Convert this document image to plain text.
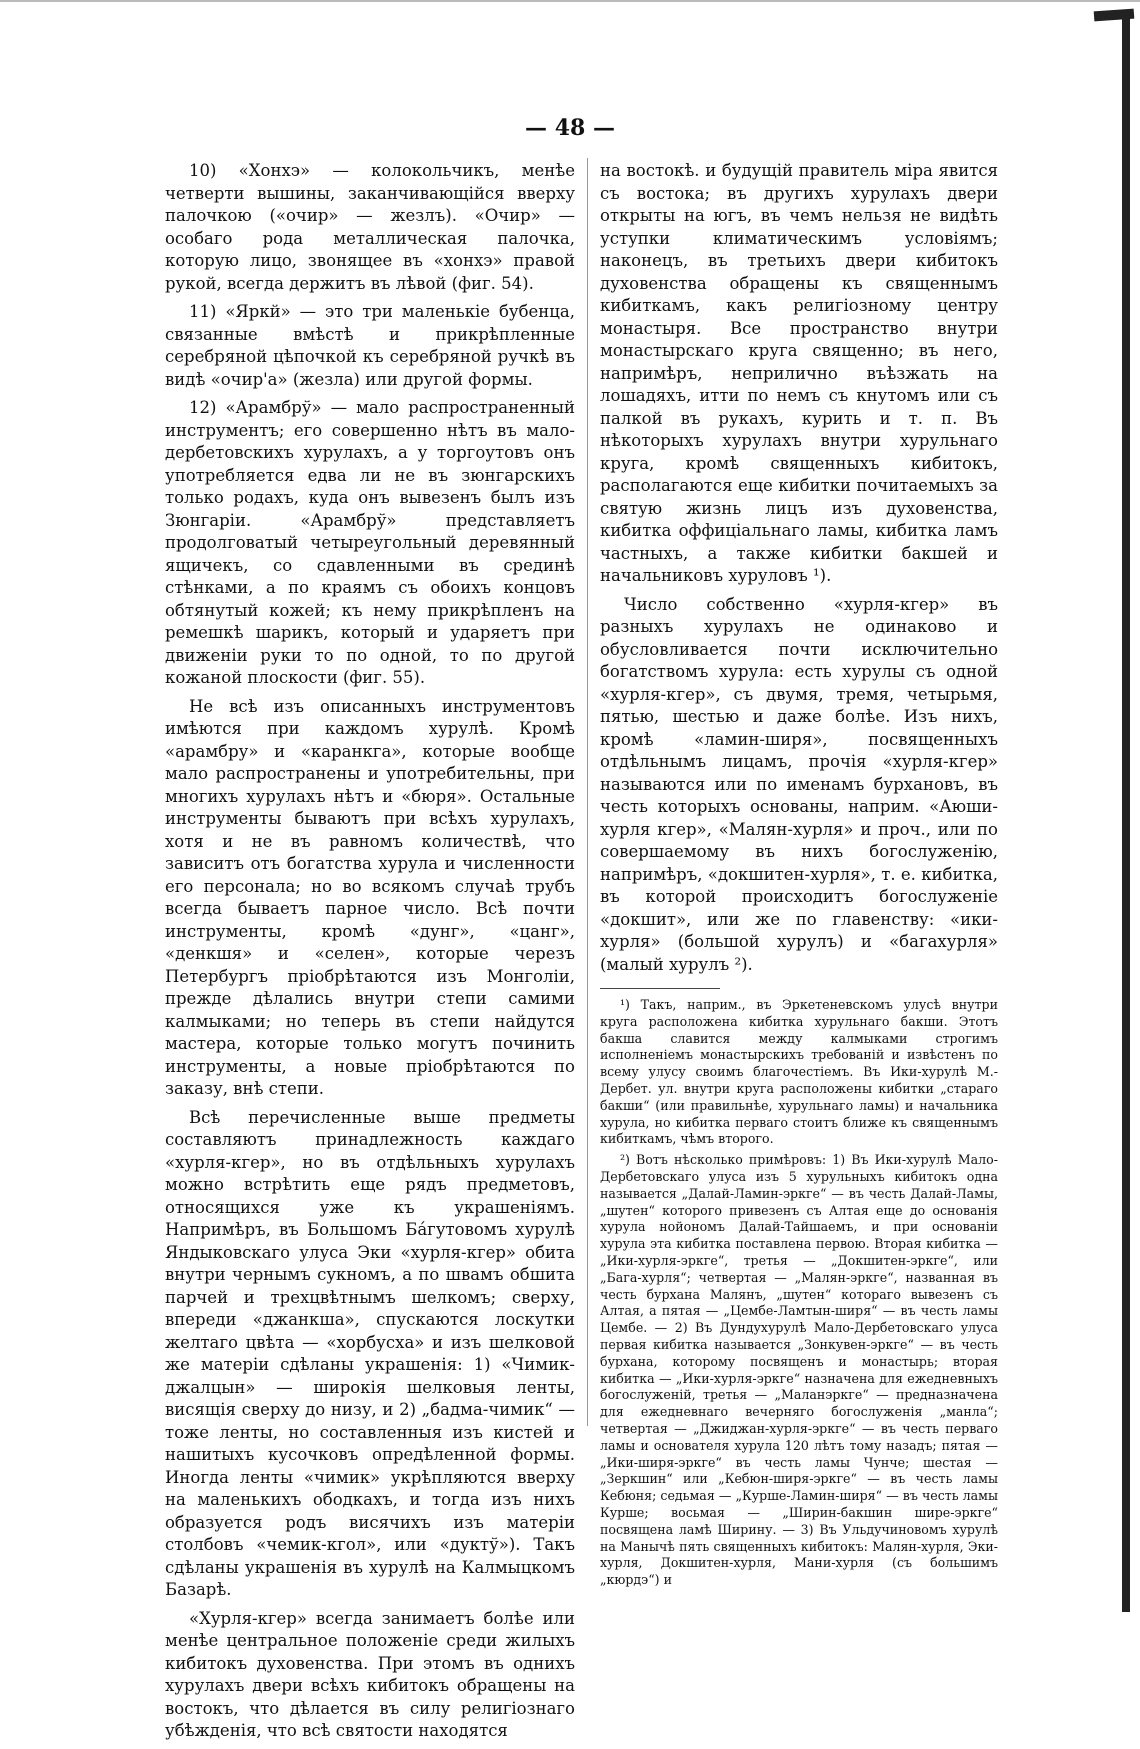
— 48 —

10) «Хонхэ» — колокольчикъ, менѣе четверти вышины, заканчивающійся вверху палочкою («очир» — жезлъ). «Очир» — особаго рода металлическая палочка, которую лицо, звонящее въ «хонхэ» правой рукой, всегда держитъ въ лѣвой (фиг. 54).

11) «Яркй» — это три маленькіе бубенца, связанные вмѣстѣ и прикрѣпленные серебряной цѣпочкой къ серебряной ручкѣ въ видѣ «очир'а» (жезла) или другой формы.

12) «Арамбрў» — мало распространенный инструментъ; его совершенно нѣтъ въ мало-дербетовскихъ хурулахъ, а у торгоутовъ онъ употребляется едва ли не въ зюнгарскихъ только родахъ, куда онъ вывезенъ былъ изъ Зюнгаріи. «Арамбрў» представляетъ продолговатый четыреугольный деревянный ящичекъ, со сдавленными въ срединѣ стѣнками, а по краямъ съ обоихъ концовъ обтянутый кожей; къ нему прикрѣпленъ на ремешкѣ шарикъ, который и ударяетъ при движеніи руки то по одной, то по другой кожаной плоскости (фиг. 55).

Не всѣ изъ описанныхъ инструментовъ имѣются при каждомъ хурулѣ. Кромѣ «арамбру» и «каранкга», которые вообще мало распространены и употребительны, при многихъ хурулахъ нѣтъ и «бюря». Остальные инструменты бываютъ при всѣхъ хурулахъ, хотя и не въ равномъ количествѣ, что зависитъ отъ богатства хурула и численности его персонала; но во всякомъ случаѣ трубъ всегда бываетъ парное число. Всѣ почти инструменты, кромѣ «дунг», «цанг», «денкшя» и «селен», которые черезъ Петербургъ пріобрѣтаются изъ Монголіи, прежде дѣлались внутри степи самими калмыками; но теперь въ степи найдутся мастера, которые только могутъ починить инструменты, а новые пріобрѣтаются по заказу, внѣ степи.

Всѣ перечисленные выше предметы составляютъ принадлежность каждаго «хурля-кгер», но въ отдѣльныхъ хурулахъ можно встрѣтить еще рядъ предметовъ, относящихся уже къ украшеніямъ. Напримѣръ, въ Большомъ Бáгутовомъ хурулѣ Яндыковскаго улуса Эки «хурля-кгер» обита внутри чернымъ сукномъ, а по швамъ обшита парчей и трехцвѣтнымъ шелкомъ; сверху, впереди «джанкша», спускаются лоскутки желтаго цвѣта — «хорбусха» и изъ шелковой же матеріи сдѣланы украшенія: 1) «Чимик-джалцын» — широкія шелковыя ленты, висящія сверху до низу, и 2) „бадма-чимик“ — тоже ленты, но составленныя изъ кистей и нашитыхъ кусочковъ опредѣленной формы. Иногда ленты «чимик» укрѣпляются вверху на маленькихъ ободкахъ, и тогда изъ нихъ образуется родъ висячихъ изъ матеріи столбовъ «чемик-кгол», или «дуктў»). Такъ сдѣланы украшенія въ хурулѣ на Калмыцкомъ Базарѣ.

«Хурля-кгер» всегда занимаетъ болѣе или менѣе центральное положеніе среди жилыхъ кибитокъ духовенства. При этомъ въ однихъ хурулахъ двери всѣхъ кибитокъ обращены на востокъ, что дѣлается въ силу религіознаго убѣжденія, что всѣ святости находятся

на востокѣ. и будущій правитель міра явится съ востока; въ другихъ хурулахъ двери открыты на югъ, въ чемъ нельзя не видѣть уступки климатическимъ условіямъ; наконецъ, въ третьихъ двери кибитокъ духовенства обращены къ священнымъ кибиткамъ, какъ религіозному центру монастыря. Все пространство внутри монастырскаго круга священно; въ него, напримѣръ, неприлично въѣзжать на лошадяхъ, итти по немъ съ кнутомъ или съ палкой въ рукахъ, курить и т. п. Въ нѣкоторыхъ хурулахъ внутри хурульнаго круга, кромѣ священныхъ кибитокъ, располагаются еще кибитки почитаемыхъ за святую жизнь лицъ изъ духовенства, кибитка оффиціальнаго ламы, кибитка ламъ частныхъ, а также кибитки бакшей и начальниковъ хуруловъ ¹).

Число собственно «хурля-кгер» въ разныхъ хурулахъ не одинаково и обусловливается почти исключительно богатствомъ хурула: есть хурулы съ одной «хурля-кгер», съ двумя, тремя, четырьмя, пятью, шестью и даже болѣе. Изъ нихъ, кромѣ «ламин-ширя», посвященныхъ отдѣльнымъ лицамъ, прочія «хурля-кгер» называются или по именамъ бурхановъ, въ честь которыхъ основаны, наприм. «Аюши-хурля кгер», «Малян-хурля» и проч., или по совершаемому въ нихъ богослуженію, напримѣръ, «докшитен-хурля», т. е. кибитка, въ которой происходитъ богослуженіе «докшит», или же по главенству: «ики-хурля» (большой хурулъ) и «багахурля» (малый хурулъ ²).

¹) Такъ, наприм., въ Эркетеневскомъ улусѣ внутри круга расположена кибитка хурульнаго бакши. Этотъ бакша славится между калмыками строгимъ исполненіемъ монастырскихъ требованій и извѣстенъ по всему улусу своимъ благочестіемъ. Въ Ики-хурулѣ М.-Дербет. ул. внутри круга расположены кибитки „стараго бакши“ (или правильнѣе, хурульнаго ламы) и начальника хурула, но кибитка перваго стоитъ ближе къ священнымъ кибиткамъ, чѣмъ второго.

²) Вотъ нѣсколько примѣровъ: 1) Въ Ики-хурулѣ Мало-Дербетовскаго улуса изъ 5 хурульныхъ кибитокъ одна называется „Далай-Ламин-эркге“ — въ честь Далай-Ламы, „шутен“ которого привезенъ съ Алтая еще до основанія хурула нойономъ Далай-Тайшаемъ, и при основаніи хурула эта кибитка поставлена первою. Вторая кибитка — „Ики-хурля-эркге“, третья — „Докшитен-эркге“, или „Бага-хурля“; четвертая — „Малян-эркге“, названная въ честь бурхана Малянъ, „шутен“ котораго вывезенъ съ Алтая, а пятая — „Цембе-Ламтын-ширя“ — въ честь ламы Цембе. — 2) Въ Дундухурулѣ Мало-Дербетовскаго улуса первая кибитка называется „Зонкувен-эркге“ — въ честь бурхана, которому посвященъ и монастырь; вторая кибитка — „Ики-хурля-эркге“ назначена для ежедневныхъ богослуженій, третья — „Маланэркге“ — предназначена для ежедневнаго вечерняго богослуженія „манла“; четвертая — „Джиджан-хурля-эркге“ — въ честь перваго ламы и основателя хурула 120 лѣтъ тому назадъ; пятая — „Ики-ширя-эркге“ въ честь ламы Чунче; шестая — „Зеркшин“ или „Кебюн-ширя-эркге“ — въ честь ламы Кебюня; седьмая — „Курше-Ламин-ширя“ — въ честь ламы Курше; восьмая — „Ширин-бакшин шире-эркге“ посвящена ламѣ Ширину. — 3) Въ Ульдучиновомъ хурулѣ на Манычѣ пять священныхъ кибитокъ: Малян-хурля, Эки-хурля, Докшитен-хурля, Мани-хурля (съ большимъ „кюрдэ“) и
